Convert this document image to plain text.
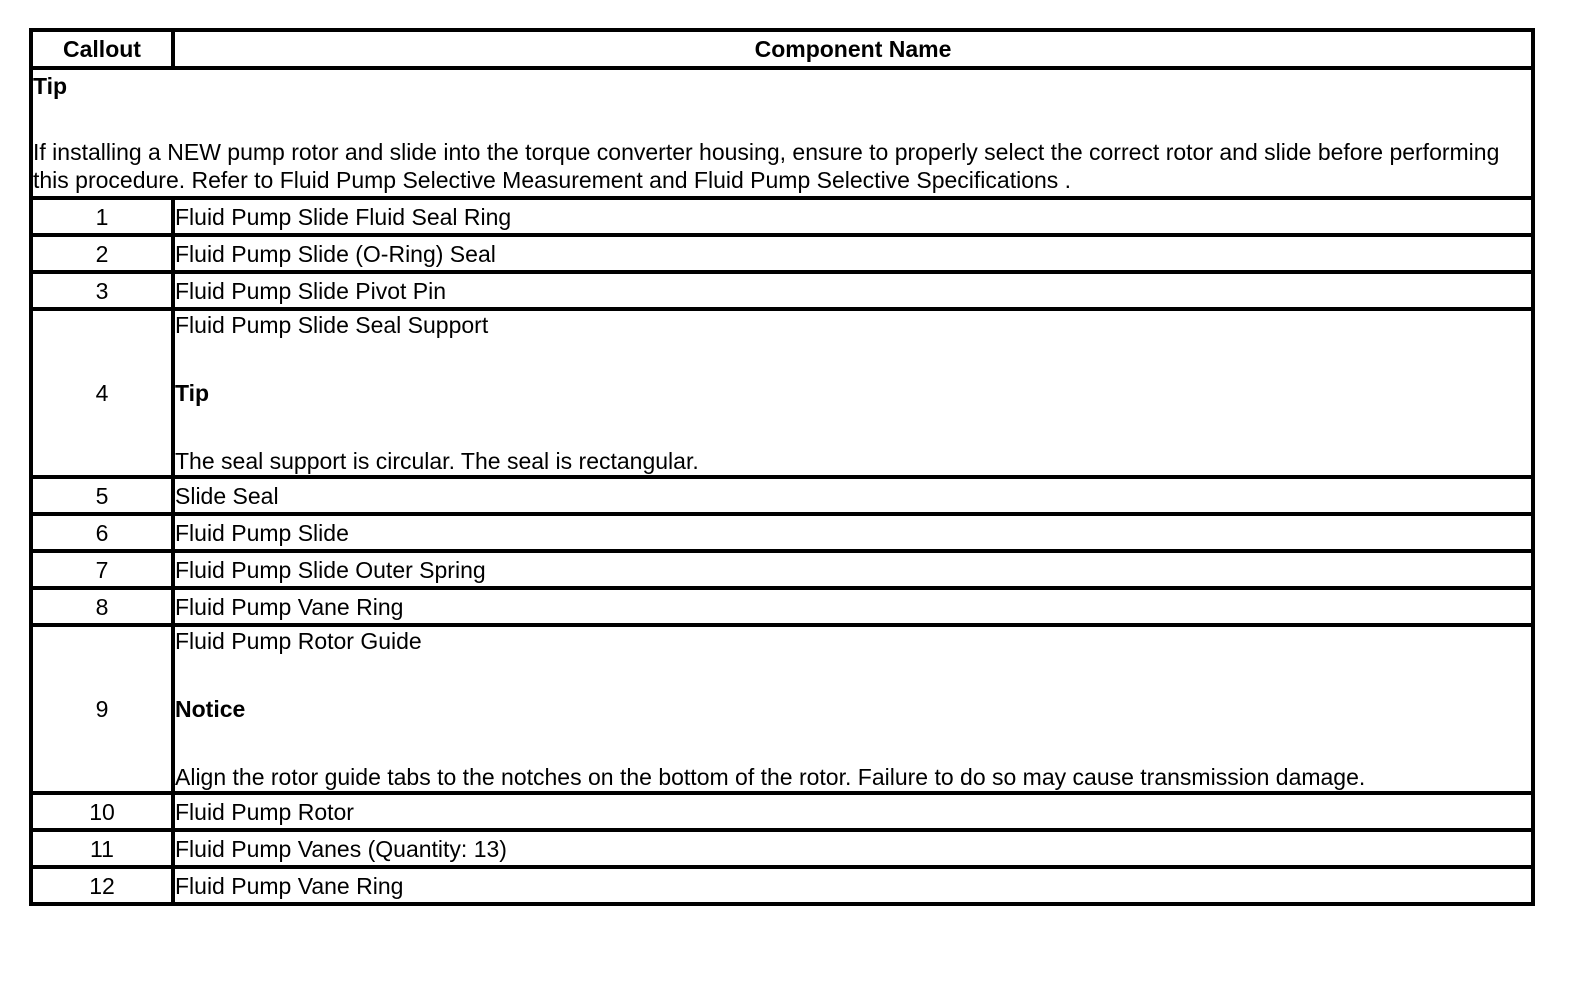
Callout	Component Name

Tip
If installing a NEW pump rotor and slide into the torque converter housing, ensure to properly select the correct rotor and slide before performing this procedure. Refer to Fluid Pump Selective Measurement and Fluid Pump Selective Specifications .	

1	Fluid Pump Slide Fluid Seal Ring
2	Fluid Pump Slide (O-Ring) Seal
3	Fluid Pump Slide Pivot Pin
4	Fluid Pump Slide Seal Support
Tip
The seal support is circular. The seal is rectangular.

5	Slide Seal
6	Fluid Pump Slide
7	Fluid Pump Slide Outer Spring
8	Fluid Pump Vane Ring
9	Fluid Pump Rotor Guide
Notice
Align the rotor guide tabs to the notches on the bottom of the rotor. Failure to do so may cause transmission damage.

10	Fluid Pump Rotor
11	Fluid Pump Vanes (Quantity: 13)
12	Fluid Pump Vane Ring
